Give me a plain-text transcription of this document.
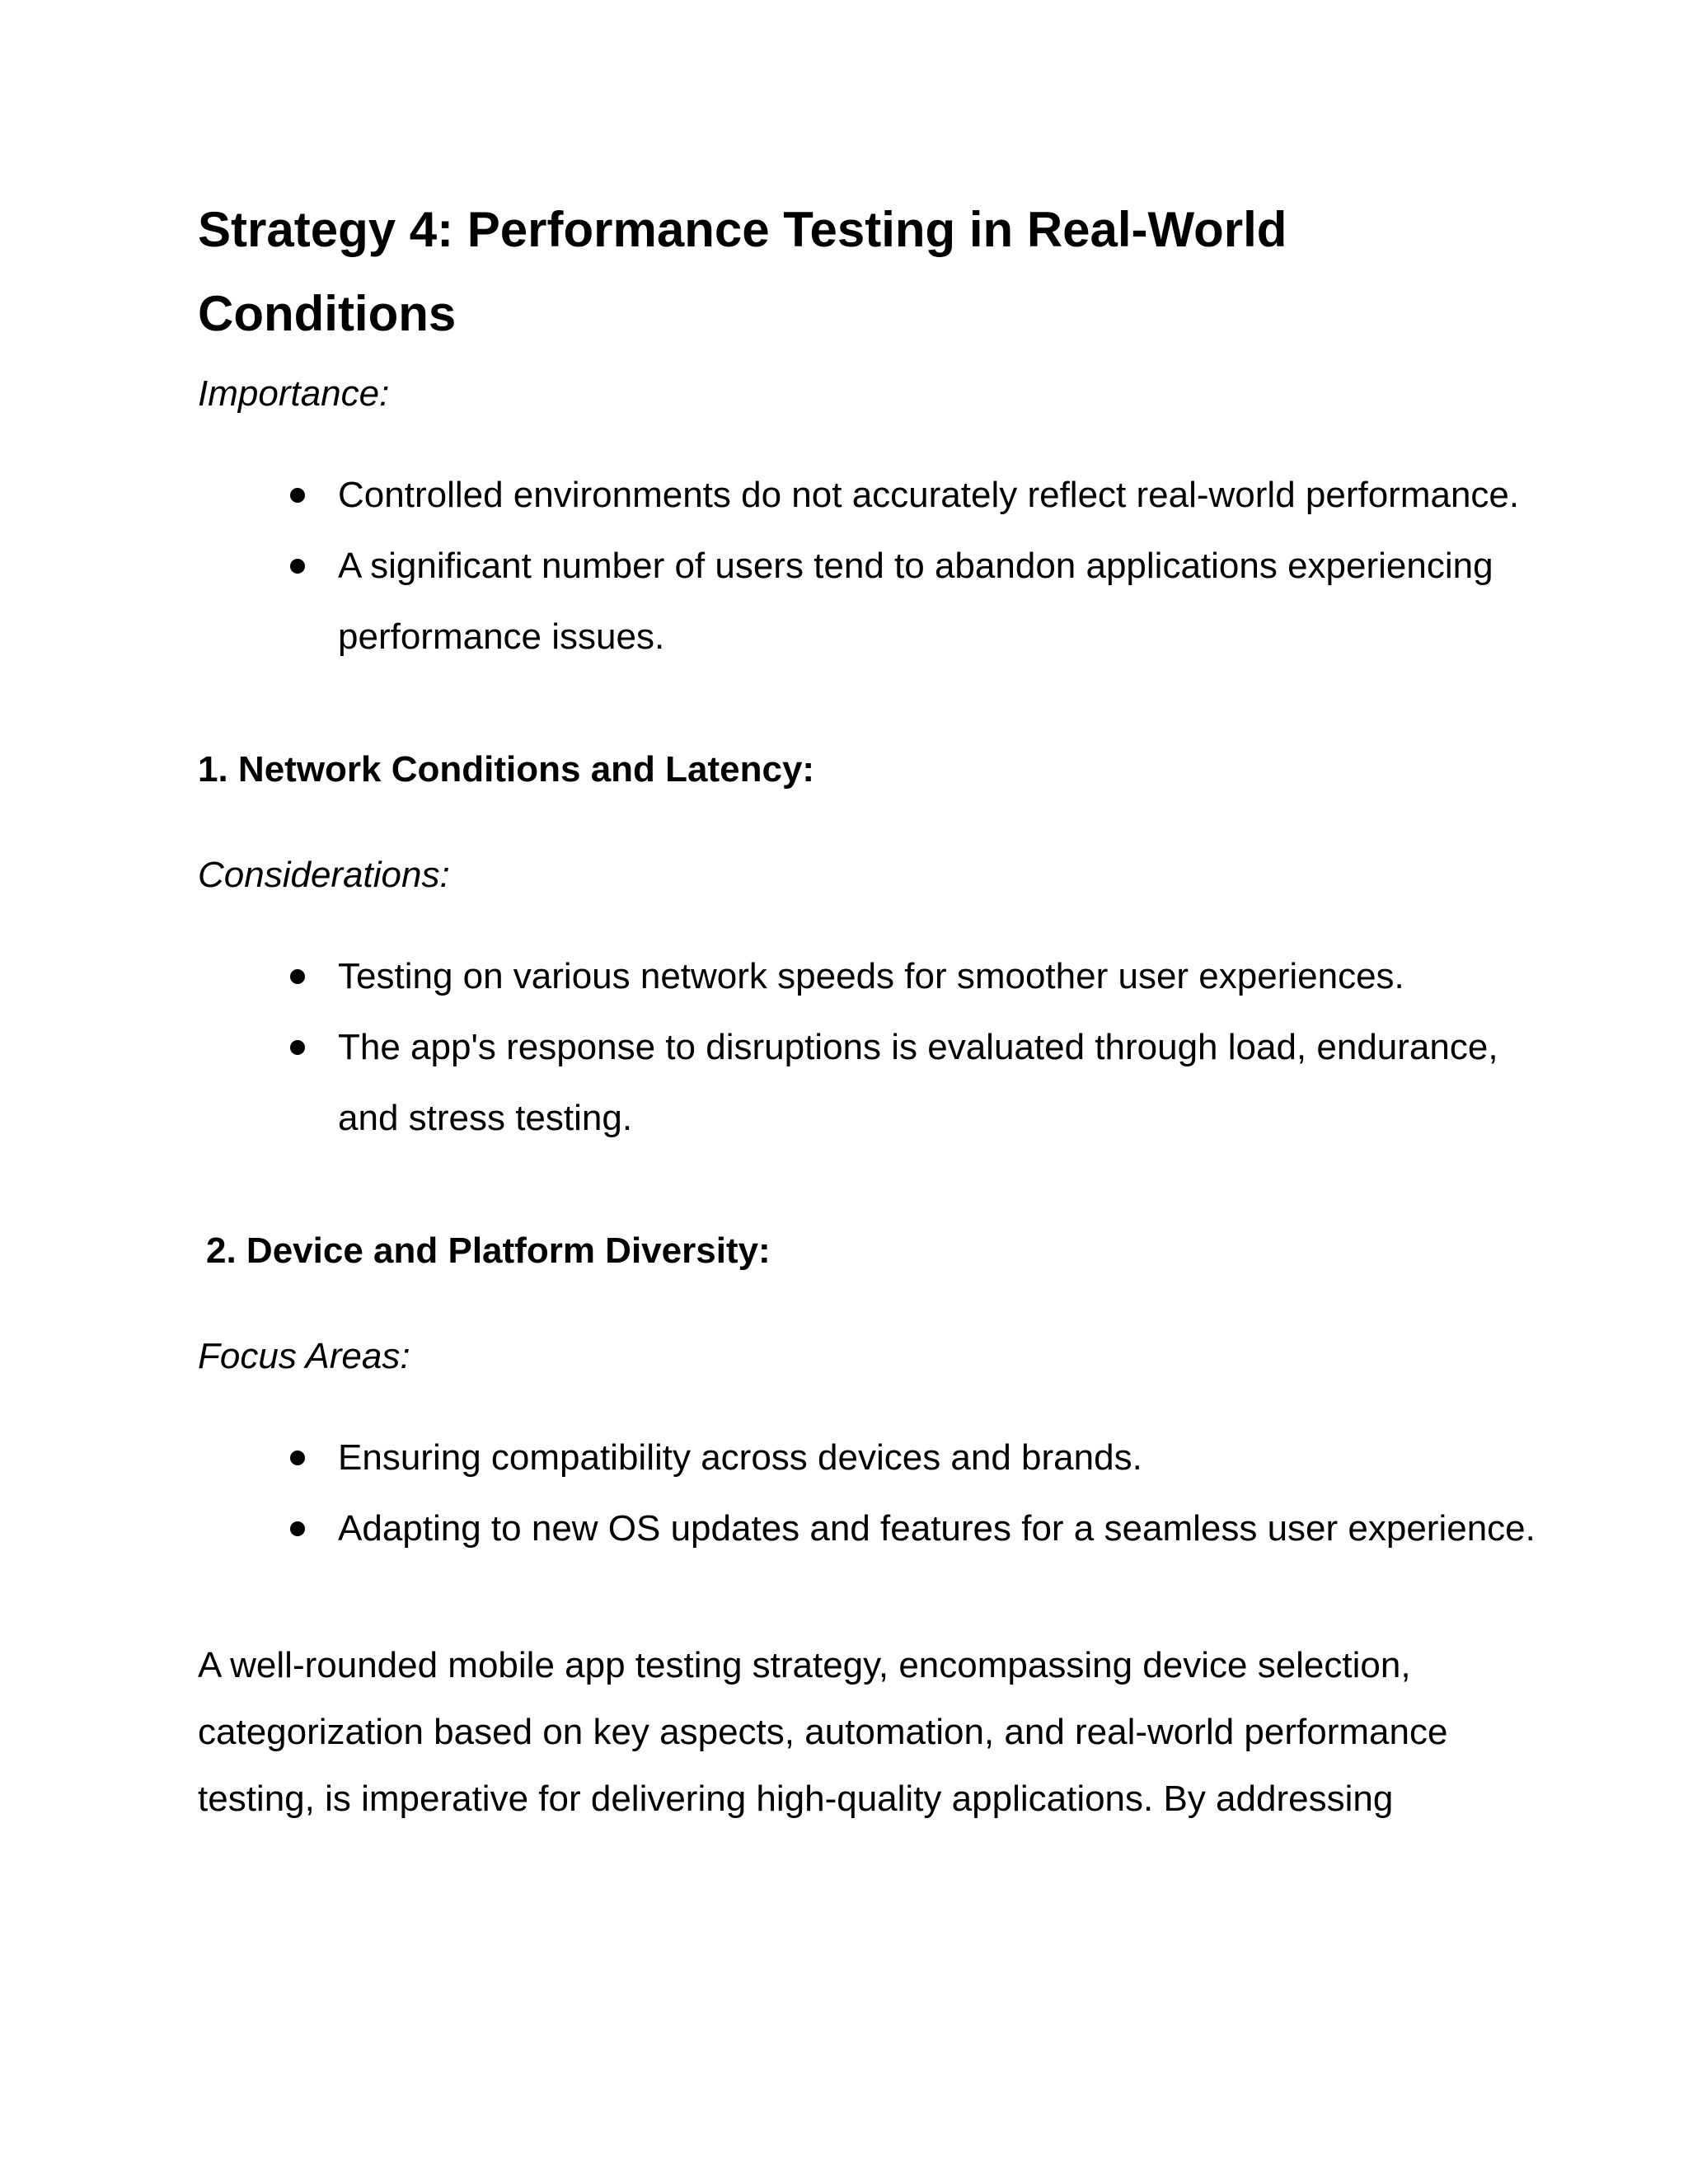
Strategy 4: Performance Testing in Real-World Conditions

Importance:

Controlled environments do not accurately reflect real-world performance.
A significant number of users tend to abandon applications experiencing performance issues.
1. Network Conditions and Latency:

Considerations:

Testing on various network speeds for smoother user experiences.
The app's response to disruptions is evaluated through load, endurance, and stress testing.
2. Device and Platform Diversity:

Focus Areas:

Ensuring compatibility across devices and brands.
Adapting to new OS updates and features for a seamless user experience.

A well-rounded mobile app testing strategy, encompassing device selection, categorization based on key aspects, automation, and real-world performance testing, is imperative for delivering high-quality applications. By addressing
